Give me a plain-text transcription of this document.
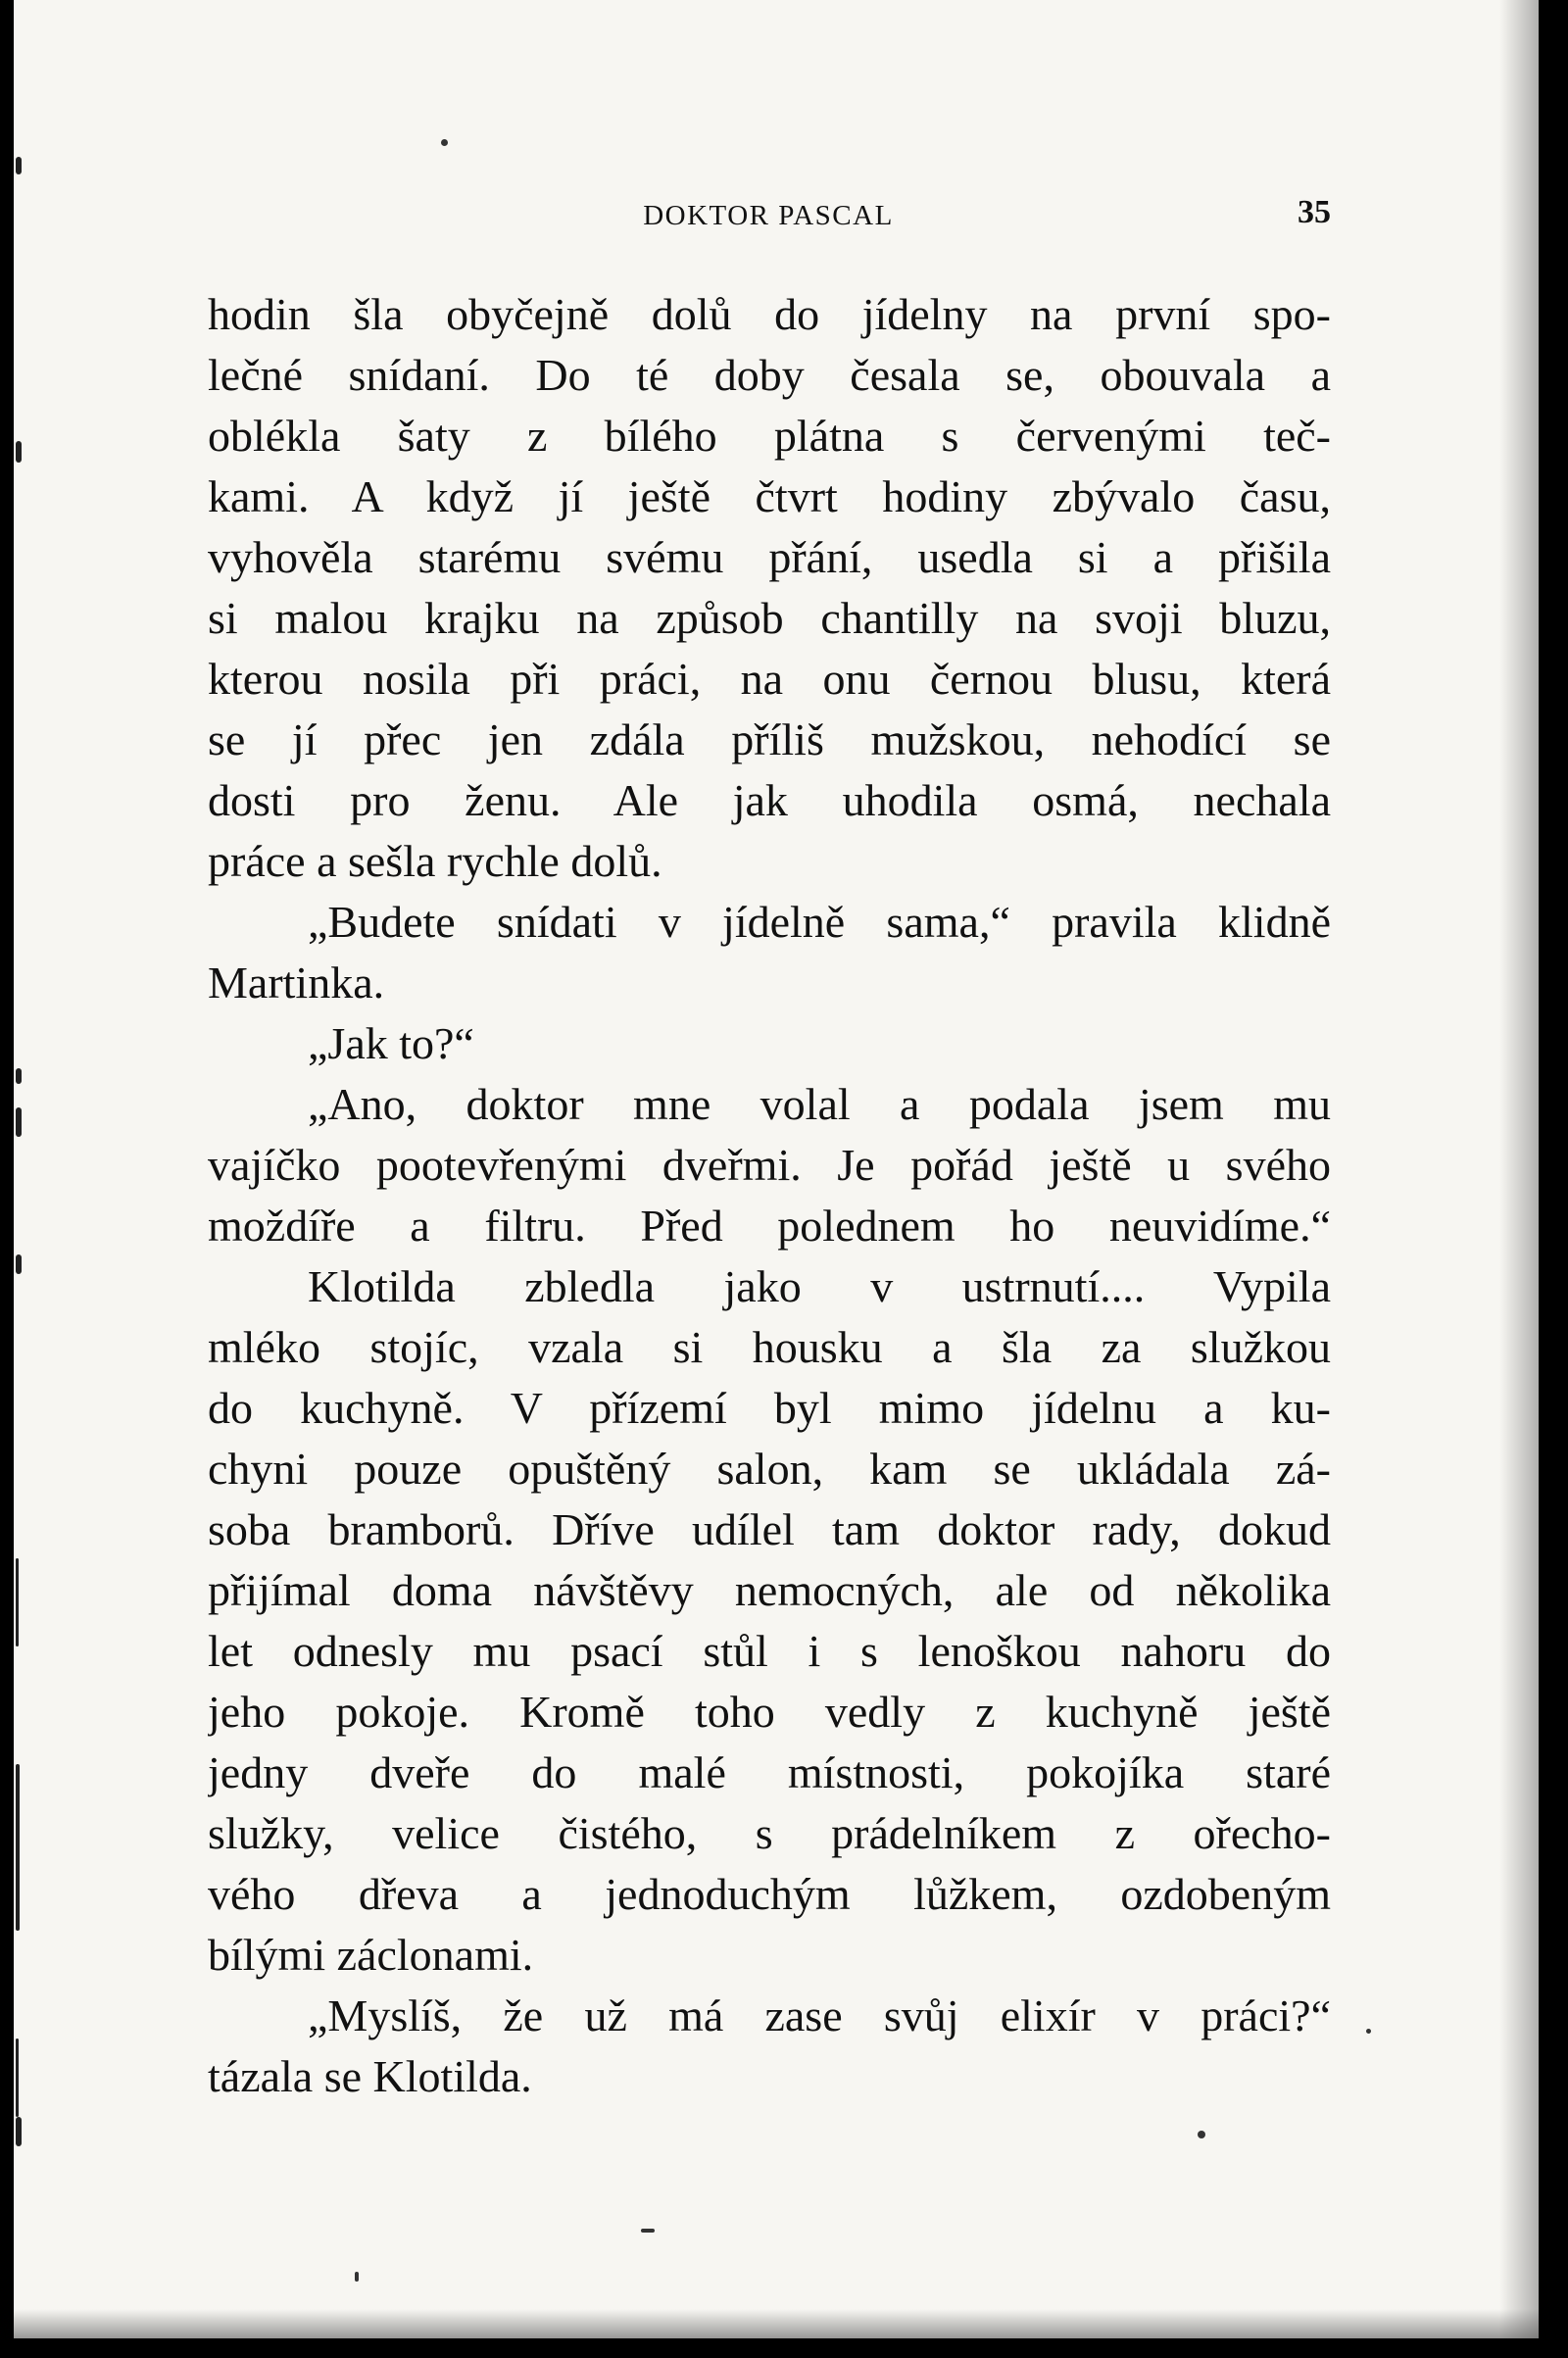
DOKTOR PASCAL	35
hodin šla obyčejně dolů do jídelny na první spo-
lečné snídaní. Do té doby česala se, obouvala a
oblékla šaty z bílého plátna s červenými teč-
kami. A když jí ještě čtvrt hodiny zbývalo času,
vyhověla starému svému přání, usedla si a přišila
si malou krajku na způsob chantilly na svoji bluzu,
kterou nosila při práci, na onu černou blusu, která
se jí přec jen zdála příliš mužskou, nehodící se
dosti pro ženu. Ale jak uhodila osmá, nechala
práce a sešla rychle dolů.
„Budete snídati v jídelně sama,“ pravila klidně
Martinka.
„Jak to?“
„Ano, doktor mne volal a podala jsem mu
vajíčko pootevřenými dveřmi. Je pořád ještě u svého
moždíře a filtru. Před polednem ho neuvidíme.“
Klotilda zbledla jako v ustrnutí.... Vypila
mléko stojíc, vzala si housku a šla za služkou
do kuchyně. V přízemí byl mimo jídelnu a ku-
chyni pouze opuštěný salon, kam se ukládala zá-
soba bramborů. Dříve udílel tam doktor rady, dokud
přijímal doma návštěvy nemocných, ale od několika
let odnesly mu psací stůl i s lenoškou nahoru do
jeho pokoje. Kromě toho vedly z kuchyně ještě
jedny dveře do malé místnosti, pokojíka staré
služky, velice čistého, s prádelníkem z ořecho-
vého dřeva a jednoduchým lůžkem, ozdobeným
bílými záclonami.
„Myslíš, že už má zase svůj elixír v práci?“
tázala se Klotilda.
